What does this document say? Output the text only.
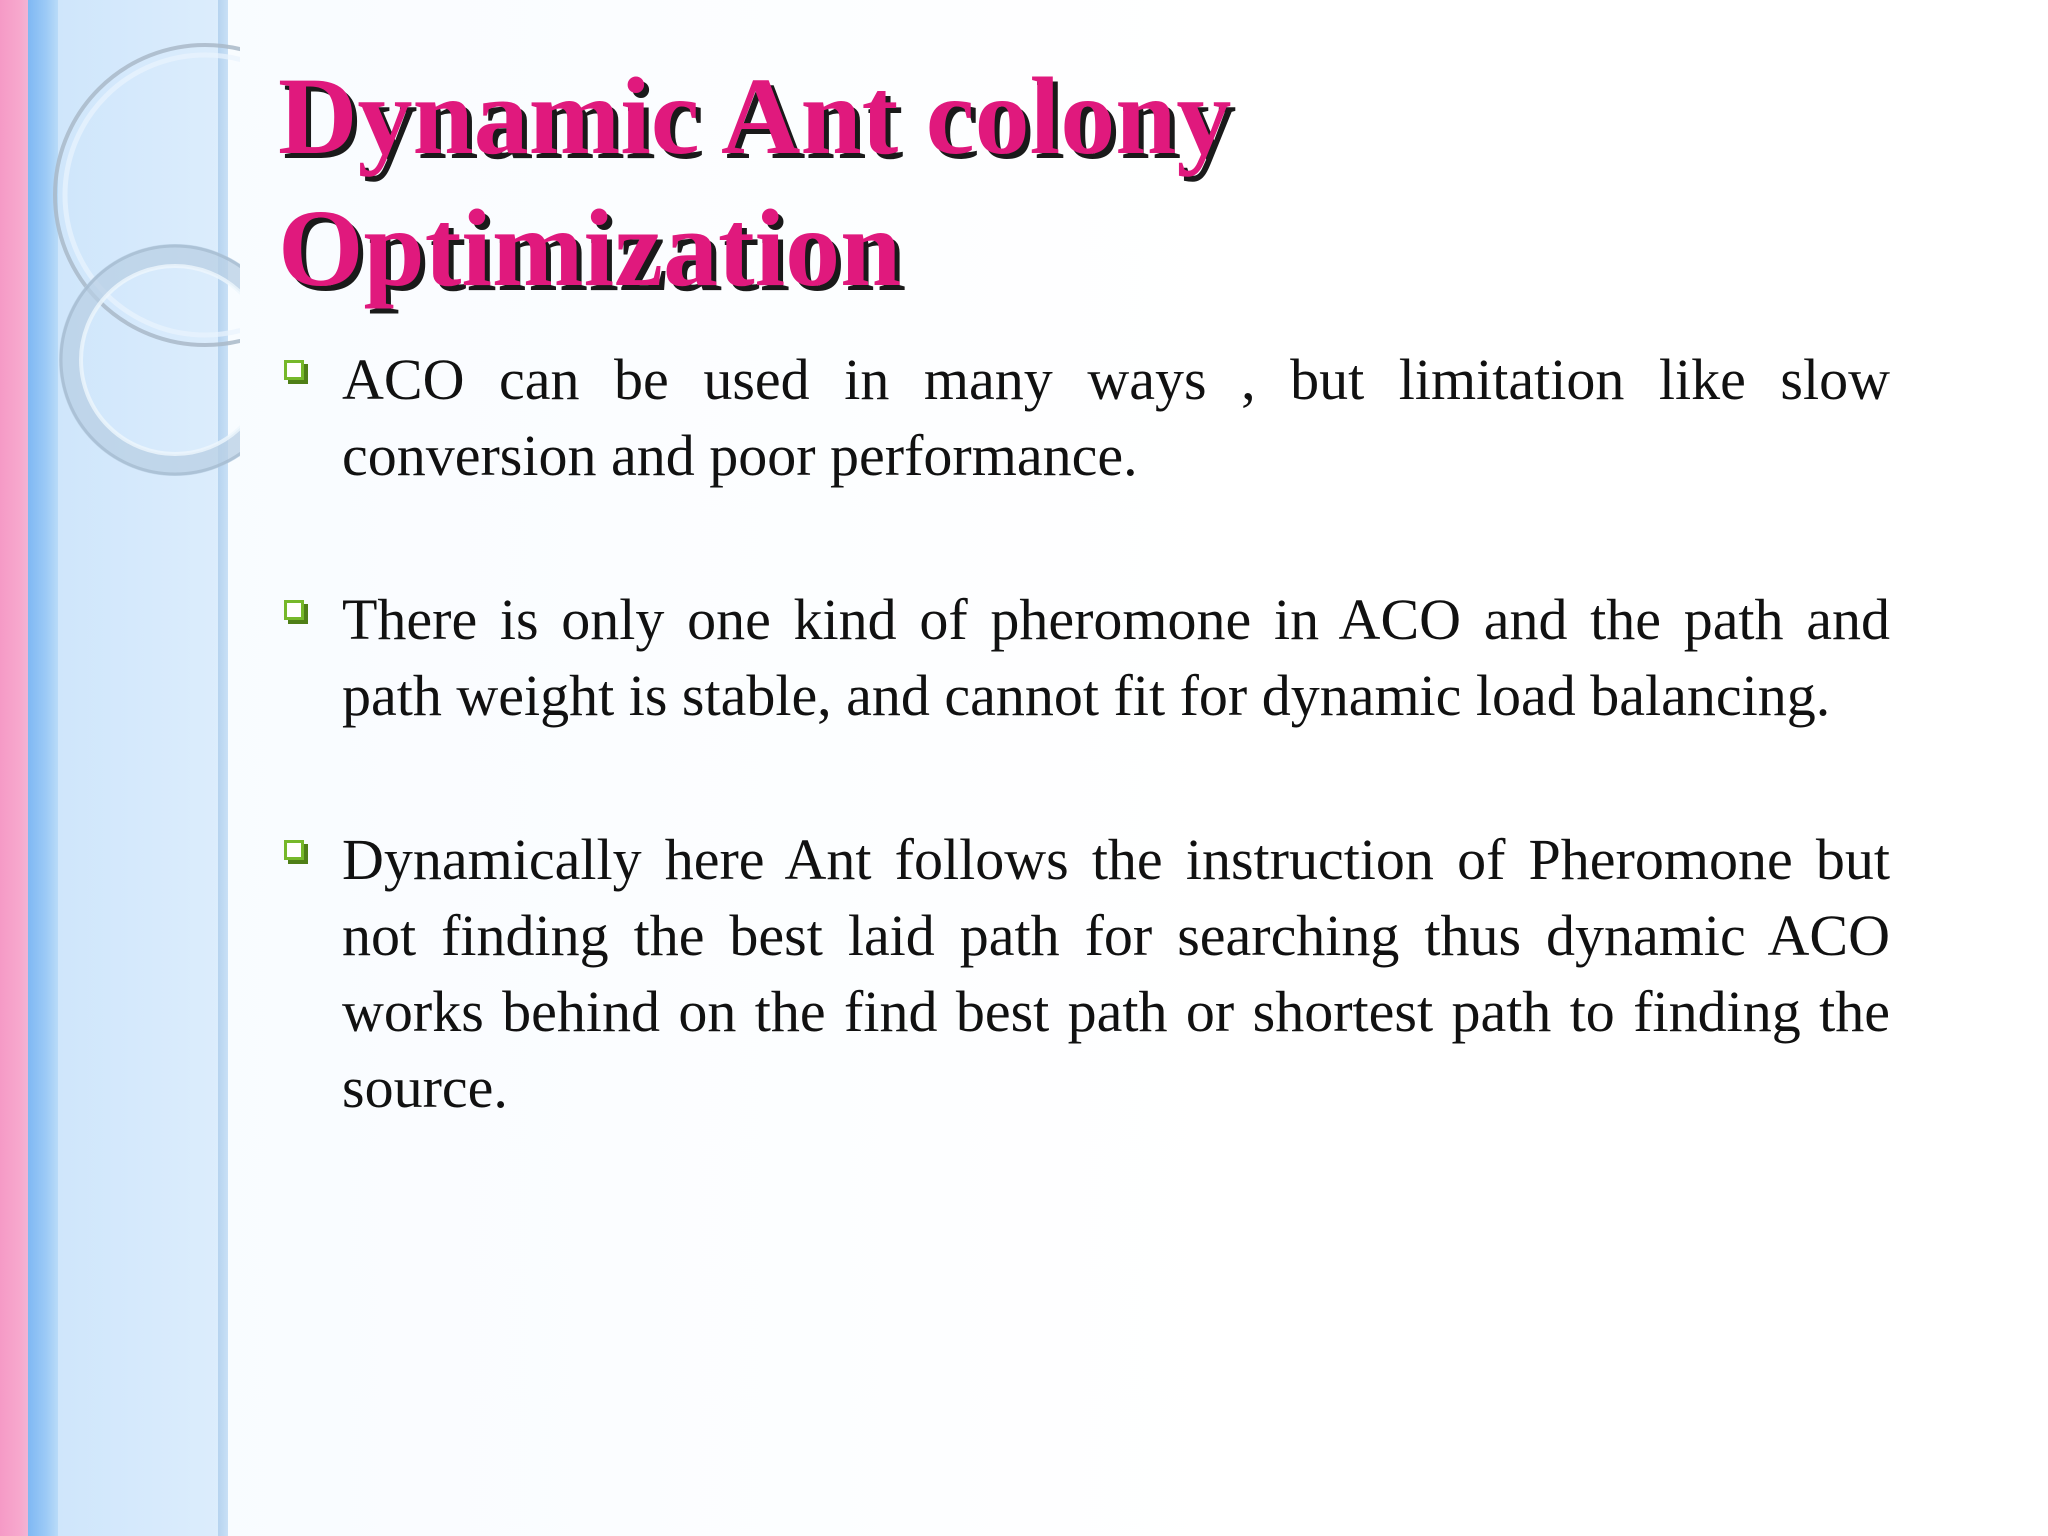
Dynamic Ant colony Optimization
ACO can be used in many ways , but limitation like slow conversion and poor performance.
There is only one kind of pheromone in ACO and the path and path weight is stable, and cannot fit for dynamic load balancing.
Dynamically here Ant follows the instruction of Pheromone but not finding the best laid path for searching thus dynamic ACO works behind on the find best path or shortest path to finding the source.
